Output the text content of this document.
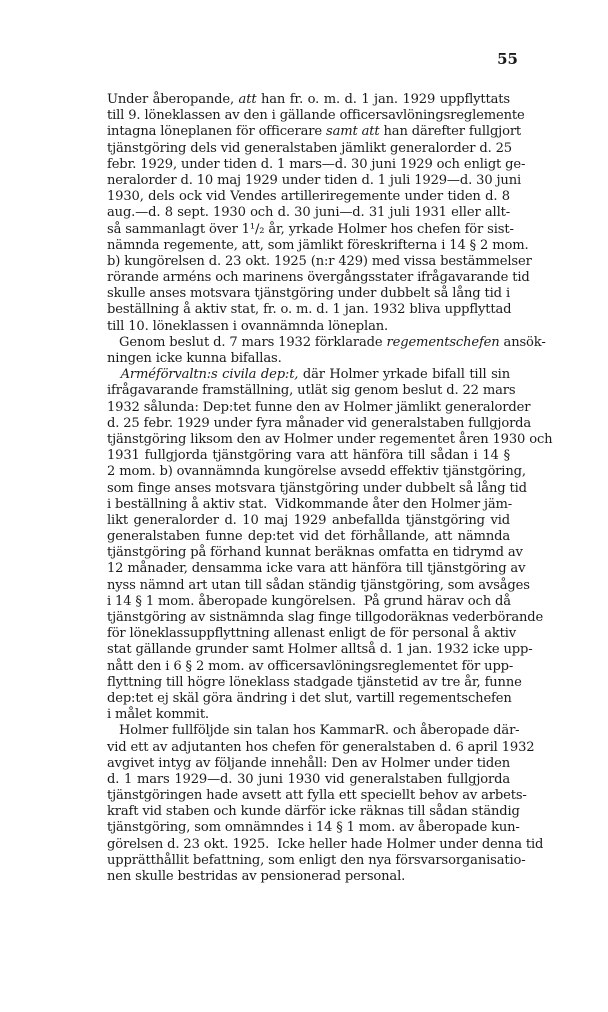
55
Under åberopande, att han fr. o. m. d. 1 jan. 1929 uppflyttats
till 9. löneklassen av den i gällande officersavlöningsreglemente
intagna löneplanen för officerare samt att han därefter fullgjort
tjänstgöring dels vid generalstaben jämlikt generalorder d. 25
febr. 1929, under tiden d. 1 mars—d. 30 juni 1929 och enligt ge-
neralorder d. 10 maj 1929 under tiden d. 1 juli 1929—d. 30 juni
1930, dels ock vid Vendes artilleriregemente under tiden d. 8
aug.—d. 8 sept. 1930 och d. 30 juni—d. 31 juli 1931 eller allt-
så sammanlagt över 1¹/₂ år, yrkade Holmer hos chefen för sist-
nämnda regemente, att, som jämlikt föreskrifterna i 14 § 2 mom.
b) kungörelsen d. 23 okt. 1925 (n:r 429) med vissa bestämmelser
rörande arméns och marinens övergångsstater ifrågavarande tid
skulle anses motsvara tjänstgöring under dubbelt så lång tid i
beställning å aktiv stat, fr. o. m. d. 1 jan. 1932 bliva uppflyttad
till 10. löneklassen i ovannämnda löneplan.
Genom beslut d. 7 mars 1932 förklarade regementschefen ansök-
ningen icke kunna bifallas.
Arméförvaltn:s civila dep:t, där Holmer yrkade bifall till sin
ifrågavarande framställning, utlät sig genom beslut d. 22 mars
1932 sålunda: Dep:tet funne den av Holmer jämlikt generalorder
d. 25 febr. 1929 under fyra månader vid generalstaben fullgjorda
tjänstgöring liksom den av Holmer under regementet åren 1930 och
1931 fullgjorda tjänstgöring vara att hänföra till sådan i 14 §
2 mom. b) ovannämnda kungörelse avsedd effektiv tjänstgöring,
som finge anses motsvara tjänstgöring under dubbelt så lång tid
i beställning å aktiv stat.  Vidkommande åter den Holmer jäm-
likt generalorder d. 10 maj 1929 anbefallda tjänstgöring vid
generalstaben funne dep:tet vid det förhållande, att nämnda
tjänstgöring på förhand kunnat beräknas omfatta en tidrymd av
12 månader, densamma icke vara att hänföra till tjänstgöring av
nyss nämnd art utan till sådan ständig tjänstgöring, som avsåges
i 14 § 1 mom. åberopade kungörelsen.  På grund härav och då
tjänstgöring av sistnämnda slag finge tillgodoräknas vederbörande
för löneklassuppflyttning allenast enligt de för personal å aktiv
stat gällande grunder samt Holmer alltså d. 1 jan. 1932 icke upp-
nått den i 6 § 2 mom. av officersavlöningsreglementet för upp-
flyttning till högre löneklass stadgade tjänstetid av tre år, funne
dep:tet ej skäl göra ändring i det slut, vartill regementschefen
i målet kommit.
Holmer fullföljde sin talan hos KammarR. och åberopade där-
vid ett av adjutanten hos chefen för generalstaben d. 6 april 1932
avgivet intyg av följande innehåll: Den av Holmer under tiden
d. 1 mars 1929—d. 30 juni 1930 vid generalstaben fullgjorda
tjänstgöringen hade avsett att fylla ett speciellt behov av arbets-
kraft vid staben och kunde därför icke räknas till sådan ständig
tjänstgöring, som omnämndes i 14 § 1 mom. av åberopade kun-
görelsen d. 23 okt. 1925.  Icke heller hade Holmer under denna tid
upprätthållit befattning, som enligt den nya försvarsorganisatio-
nen skulle bestridas av pensionerad personal.
